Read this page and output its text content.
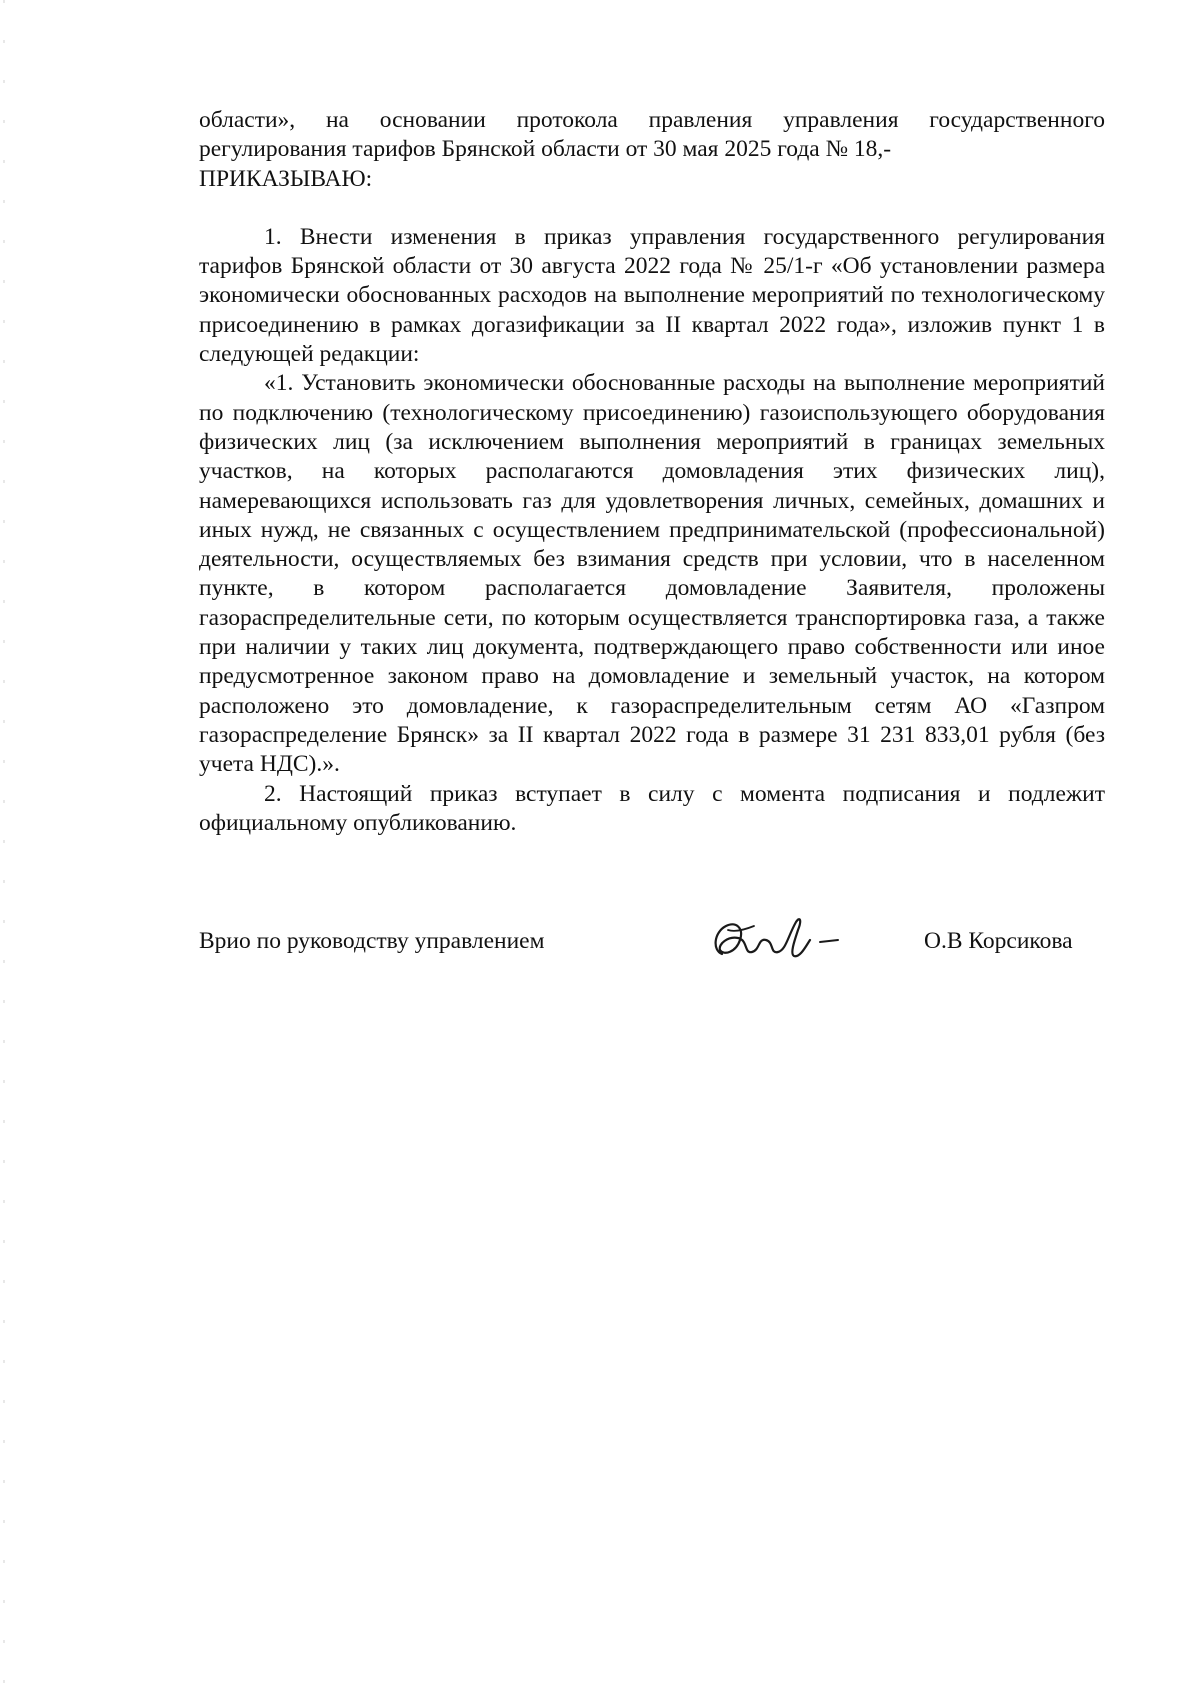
области», на основании протокола правления управления государственного регулирования тарифов Брянской области от 30 мая 2025 года № 18,-

ПРИКАЗЫВАЮ:

1. Внести изменения в приказ управления государственного регулирования тарифов Брянской области от 30 августа 2022 года № 25/1-г «Об установлении размера экономически обоснованных расходов на выполнение мероприятий по технологическому присоединению в рамках догазификации за II квартал 2022 года», изложив пункт 1 в следующей редакции:

«1. Установить экономически обоснованные расходы на выполнение мероприятий по подключению (технологическому присоединению) газоиспользующего оборудования физических лиц (за исключением выполнения мероприятий в границах земельных участков, на которых располагаются домовладения этих физических лиц), намеревающихся использовать газ для удовлетворения личных, семейных, домашних и иных нужд, не связанных с осуществлением предпринимательской (профессиональной) деятельности, осуществляемых без взимания средств при условии, что в населенном пункте, в котором располагается домовладение Заявителя, проложены газораспределительные сети, по которым осуществляется транспортировка газа, а также при наличии у таких лиц документа, подтверждающего право собственности или иное предусмотренное законом право на домовладение и земельный участок, на котором расположено это домовладение, к газораспределительным сетям АО «Газпром газораспределение Брянск» за II квартал 2022 года в размере 31 231 833,01 рубля (без учета НДС).».

2. Настоящий приказ вступает в силу с момента подписания и подлежит официальному опубликованию.

Врио по руководству управлением	О.В Корсикова
